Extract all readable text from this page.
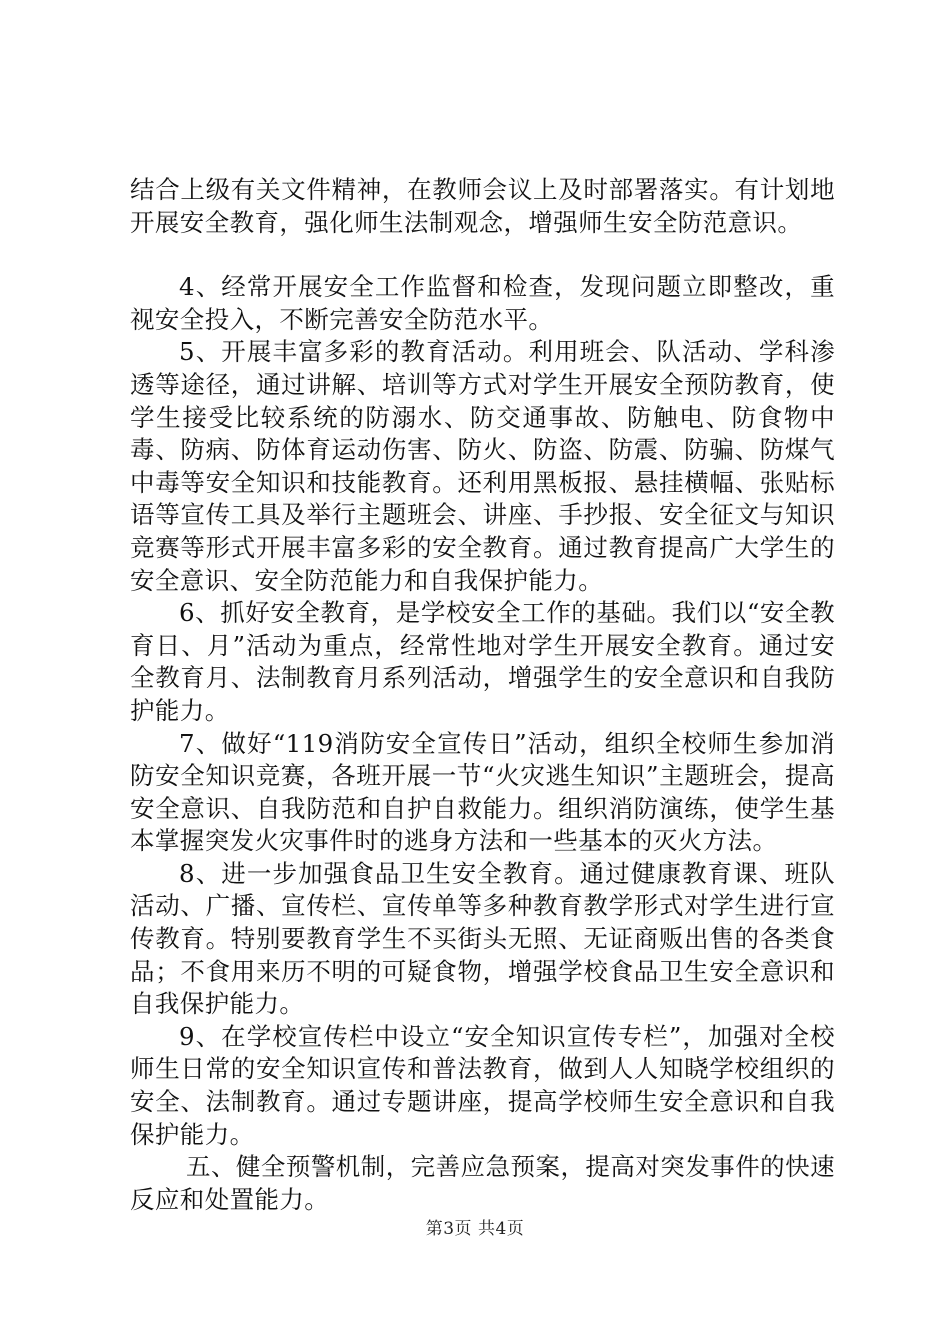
结合上级有关文件精神，在教师会议上及时部署落实。有计划地开展安全教育，强化师生法制观念，增强师生安全防范意识。

4、经常开展安全工作监督和检查，发现问题立即整改，重视安全投入，不断完善安全防范水平。

5、开展丰富多彩的教育活动。利用班会、队活动、学科渗透等途径，通过讲解、培训等方式对学生开展安全预防教育，使学生接受比较系统的防溺水、防交通事故、防触电、防食物中毒、防病、防体育运动伤害、防火、防盗、防震、防骗、防煤气中毒等安全知识和技能教育。还利用黑板报、悬挂横幅、张贴标语等宣传工具及举行主题班会、讲座、手抄报、安全征文与知识竞赛等形式开展丰富多彩的安全教育。通过教育提高广大学生的安全意识、安全防范能力和自我保护能力。

6、抓好安全教育，是学校安全工作的基础。我们以“安全教育日、月”活动为重点，经常性地对学生开展安全教育。通过安全教育月、法制教育月系列活动，增强学生的安全意识和自我防护能力。

7、做好“119消防安全宣传日”活动，组织全校师生参加消防安全知识竞赛，各班开展一节“火灾逃生知识”主题班会，提高安全意识、自我防范和自护自救能力。组织消防演练，使学生基本掌握突发火灾事件时的逃身方法和一些基本的灭火方法。

8、进一步加强食品卫生安全教育。通过健康教育课、班队活动、广播、宣传栏、宣传单等多种教育教学形式对学生进行宣传教育。特别要教育学生不买街头无照、无证商贩出售的各类食品；不食用来历不明的可疑食物，增强学校食品卫生安全意识和自我保护能力。

9、在学校宣传栏中设立“安全知识宣传专栏”，加强对全校师生日常的安全知识宣传和普法教育，做到人人知晓学校组织的安全、法制教育。通过专题讲座，提高学校师生安全意识和自我保护能力。

五、健全预警机制，完善应急预案，提高对突发事件的快速反应和处置能力。

第3页 共4页
